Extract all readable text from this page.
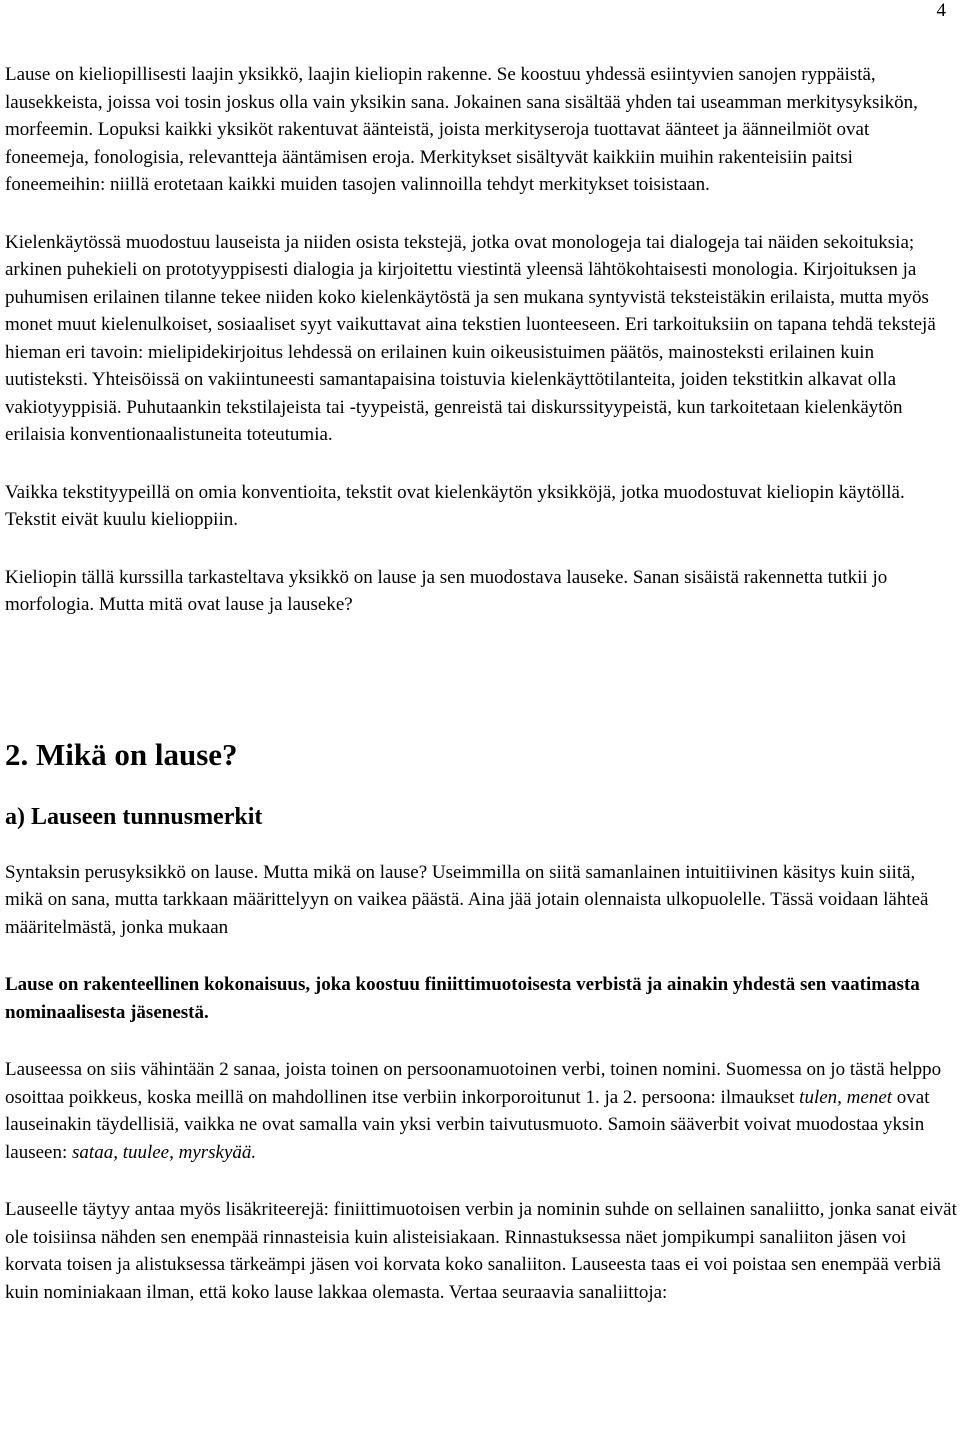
4

Lause on kieliopillisesti laajin yksikkö, laajin kieliopin rakenne. Se koostuu yhdessä esiintyvien sanojen ryppäistä, lausekkeista, joissa voi tosin joskus olla vain yksikin sana. Jokainen sana sisältää yhden tai useamman merkitysyksikön, morfeemin. Lopuksi kaikki yksiköt rakentuvat äänteistä, joista merkityseroja tuottavat äänteet ja äänneilmiöt ovat foneemeja, fonologisia, relevantteja ääntämisen eroja. Merkitykset sisältyvät kaikkiin muihin rakenteisiin paitsi foneemeihin: niillä erotetaan kaikki muiden tasojen valinnoilla tehdyt merkitykset toisistaan.

Kielenkäytössä muodostuu lauseista ja niiden osista tekstejä, jotka ovat monologeja tai dialogeja tai näiden sekoituksia; arkinen puhekieli on prototyyppisesti dialogia ja kirjoitettu viestintä yleensä lähtökohtaisesti monologia. Kirjoituksen ja puhumisen erilainen tilanne tekee niiden koko kielenkäytöstä ja sen mukana syntyvistä teksteistäkin erilaista, mutta myös monet muut kielenulkoiset, sosiaaliset syyt vaikuttavat aina tekstien luonteeseen. Eri tarkoituksiin on tapana tehdä tekstejä hieman eri tavoin: mielipidekirjoitus lehdessä on erilainen kuin oikeusistuimen päätös, mainosteksti erilainen kuin uutisteksti. Yhteisöissä on vakiintuneesti samantapaisina toistuvia kielenkäyttötilanteita, joiden tekstitkin alkavat olla vakiotyyppisiä. Puhutaankin tekstilajeista tai -tyypeistä, genreistä tai diskurssityypeistä, kun tarkoitetaan kielenkäytön erilaisia konventionaalistuneita toteutumia.

Vaikka tekstityypeillä on omia konventioita, tekstit ovat kielenkäytön yksikköjä, jotka muodostuvat kieliopin käytöllä. Tekstit eivät kuulu kielioppiin.

Kieliopin tällä kurssilla tarkasteltava yksikkö on lause ja sen muodostava lauseke. Sanan sisäistä rakennetta tutkii jo morfologia. Mutta mitä ovat lause ja lauseke?

2. Mikä on lause?
a) Lauseen tunnusmerkit

Syntaksin perusyksikkö on lause. Mutta mikä on lause? Useimmilla on siitä samanlainen intuitiivinen käsitys kuin siitä, mikä on sana, mutta tarkkaan määrittelyyn on vaikea päästä. Aina jää jotain olennaista ulkopuolelle. Tässä voidaan lähteä määritelmästä, jonka mukaan

Lause on rakenteellinen kokonaisuus, joka koostuu finiittimuotoisesta verbistä ja ainakin yhdestä sen vaatimasta nominaalisesta jäsenestä.

Lauseessa on siis vähintään 2 sanaa, joista toinen on persoonamuotoinen verbi, toinen nomini. Suomessa on jo tästä helppo osoittaa poikkeus, koska meillä on mahdollinen itse verbiin inkorporoitunut 1. ja 2. persoona: ilmaukset tulen, menet ovat lauseinakin täydellisiä, vaikka ne ovat samalla vain yksi verbin taivutusmuoto. Samoin sääverbit voivat muodostaa yksin lauseen: sataa, tuulee, myrskyää.

Lauseelle täytyy antaa myös lisäkriteerejä: finiittimuotoisen verbin ja nominin suhde on sellainen sanaliitto, jonka sanat eivät ole toisiinsa nähden sen enempää rinnasteisia kuin alisteisiakaan. Rinnastuksessa näet jompikumpi sanaliiton jäsen voi korvata toisen ja alistuksessa tärkeämpi jäsen voi korvata koko sanaliiton. Lauseesta taas ei voi poistaa sen enempää verbiä kuin nominiakaan ilman, että koko lause lakkaa olemasta. Vertaa seuraavia sanaliittoja:
